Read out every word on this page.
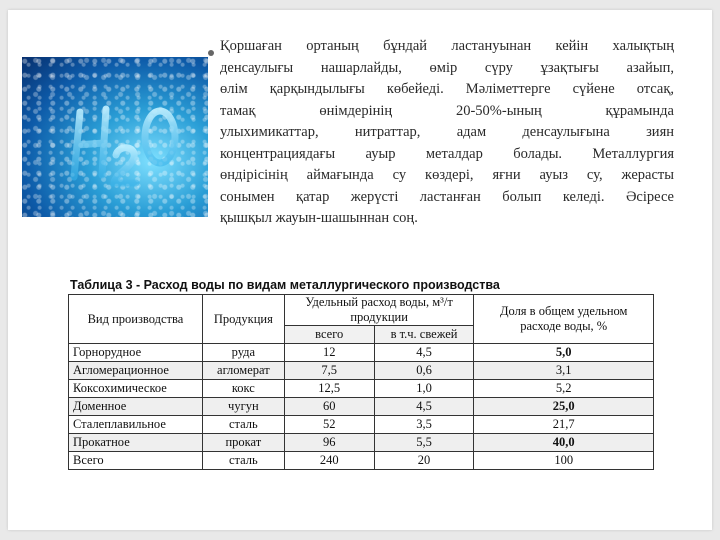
Қоршаған ортаның бұндай ластануынан кейін халықтың
денсаулығы нашарлайды, өмір сүру ұзақтығы азайып,
өлім қарқындылығы көбейеді. Мәліметтерге сүйене отсақ,
тамақ өнімдерінің 20-50%-ының құрамында
улыхимикаттар, нитраттар, адам денсаулығына зиян
концентрациядағы ауыр металдар болады. Металлургия
өндірісінің аймағында су көздері, яғни ауыз су, жерасты
сонымен қатар жерүсті ластанған болып келеді. Әсіресе
қышқыл жауын-шашыннан соң.
Таблица 3 - Расход воды по видам металлургического производства
Вид производства	Продукция	Удельный расход воды, м³/т продукции		Доля в общем удельном расходе воды, %
		всего	в т.ч. свежей	
Горнорудное	руда	12	4,5	5,0
Агломерационное	агломерат	7,5	0,6	3,1
Коксохимическое	кокс	12,5	1,0	5,2
Доменное	чугун	60	4,5	25,0
Сталеплавильное	сталь	52	3,5	21,7
Прокатное	прокат	96	5,5	40,0
Всего	сталь	240	20	100
